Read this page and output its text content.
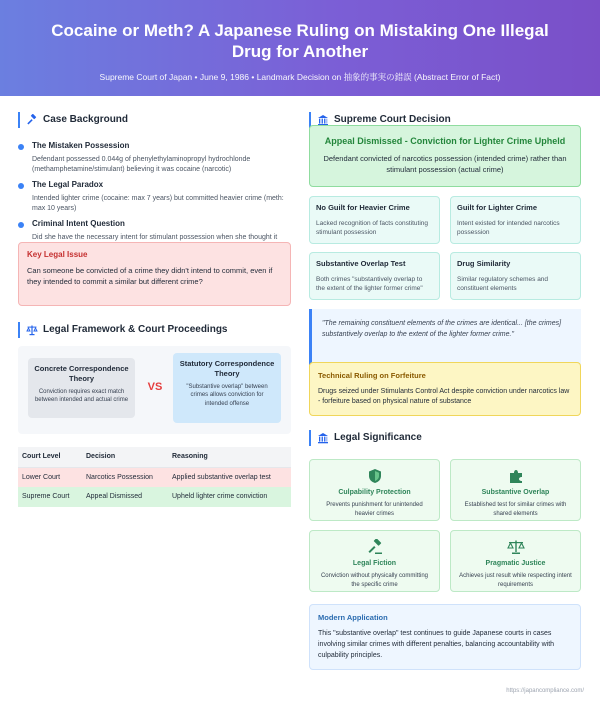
Cocaine or Meth? A Japanese Ruling on Mistaking One Illegal Drug for Another
Supreme Court of Japan • June 9, 1986 • Landmark Decision on 抽象的事実の錯誤 (Abstract Error of Fact)
Case Background
The Mistaken Possession
Defendant possessed 0.044g of phenylethylaminopropyl hydrochlonde (methamphetamine/stimulant) believing it was cocaine (narcotic)
The Legal Paradox
Intended lighter crime (cocaine: max 7 years) but committed heavier crime (meth: max 10 years)
Criminal Intent Question
Did she have the necessary intent for stimulant possession when she thought it
Key Legal Issue
Can someone be convicted of a crime they didn't intend to commit, even if they intended to commit a similar but different crime?
Legal Framework & Court Proceedings
Concrete Correspondence Theory
Conviction requires exact match between intended and actual crime
VS
Statutory Correspondence Theory
"Substantive overlap" between crimes allows conviction for intended offense
Court Level	Decision	Reasoning
Lower Court	Narcotics Possession	Applied substantive overlap test
Supreme Court	Appeal Dismissed	Upheld lighter crime conviction
Supreme Court Decision
Appeal Dismissed - Conviction for Lighter Crime Upheld
Defendant convicted of narcotics possession (intended crime) rather than stimulant possession (actual crime)
No Guilt for Heavier Crime
Lacked recognition of facts constituting stimulant possession
Guilt for Lighter Crime
Intent existed for intended narcotics possession
Substantive Overlap Test
Both crimes "substantively overlap to the extent of the lighter former crime"
Drug Similarity
Similar regulatory schemes and constituent elements
"The remaining constituent elements of the crimes are identical... [the crimes] substantively overlap to the extent of the lighter former crime."
Technical Ruling on Forfeiture
Drugs seized under Stimulants Control Act despite conviction under narcotics law - forfeiture based on physical nature of substance
Legal Significance
Culpability Protection
Prevents punishment for unintended heavier crimes
Substantive Overlap
Established test for similar crimes with shared elements
Legal Fiction
Conviction without physically committing the specific crime
Pragmatic Justice
Achieves just result while respecting intent requirements
Modern Application
This "substantive overlap" test continues to guide Japanese courts in cases involving similar crimes with different penalties, balancing accountability with culpability principles.
https://japancompliance.com/
